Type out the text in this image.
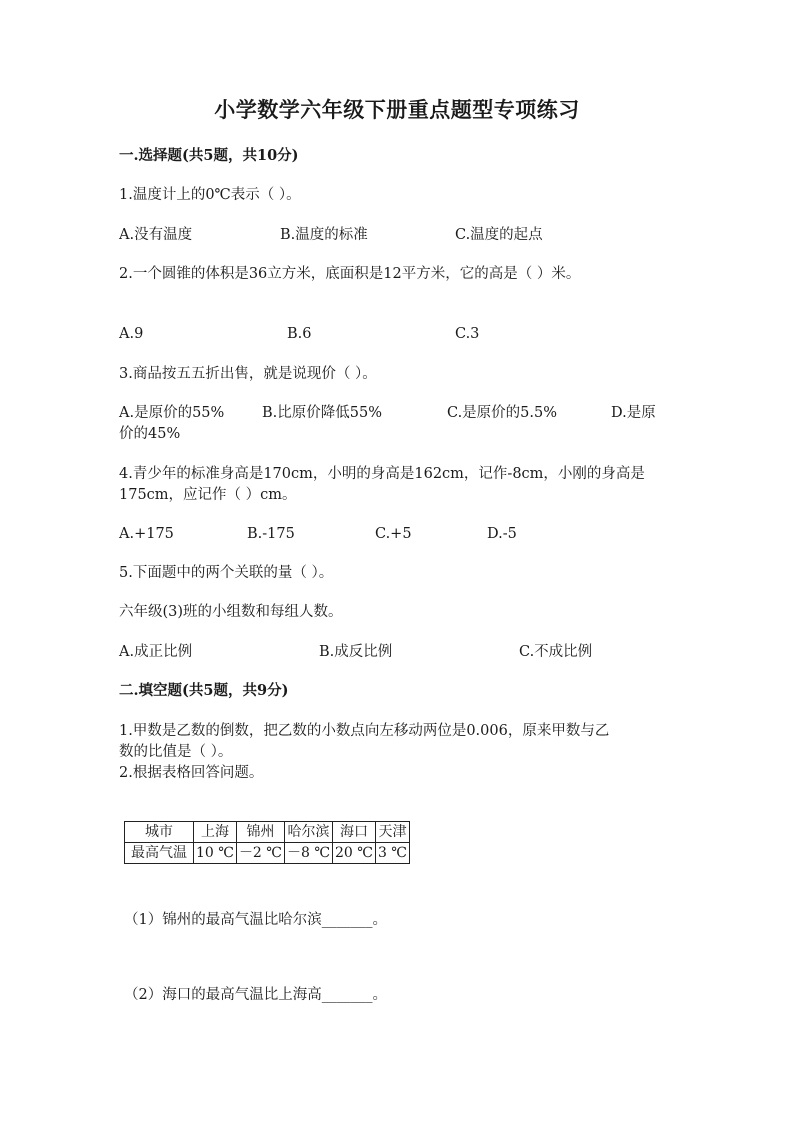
小学数学六年级下册重点题型专项练习
一.选择题(共5题，共10分)
1.温度计上的0℃表示（ ）。
A.没有温度	B.温度的标准	C.温度的起点
2.一个圆锥的体积是36立方米，底面积是12平方米，它的高是（ ）米。
A.9	B.6	C.3
3.商品按五五折出售，就是说现价（ ）。
A.是原价的55%	B.比原价降低55%	C.是原价的5.5%	D.是原
价的45%
4.青少年的标准身高是170cm，小明的身高是162cm，记作-8cm，小刚的身高是
175cm，应记作（ ）cm。
A.+175	B.-175	C.+5	D.-5
5.下面题中的两个关联的量（ ）。
六年级(3)班的小组数和每组人数。
A.成正比例	B.成反比例	C.不成比例
二.填空题(共5题，共9分)
1.甲数是乙数的倒数，把乙数的小数点向左移动两位是0.006，原来甲数与乙
数的比值是（ ）。
2.根据表格回答问题。
城市	上海	锦州	哈尔滨	海口	天津
最高气温	10 ℃	－2 ℃	－8 ℃	20 ℃	3 ℃
（1）锦州的最高气温比哈尔滨_______。
（2）海口的最高气温比上海高_______。
